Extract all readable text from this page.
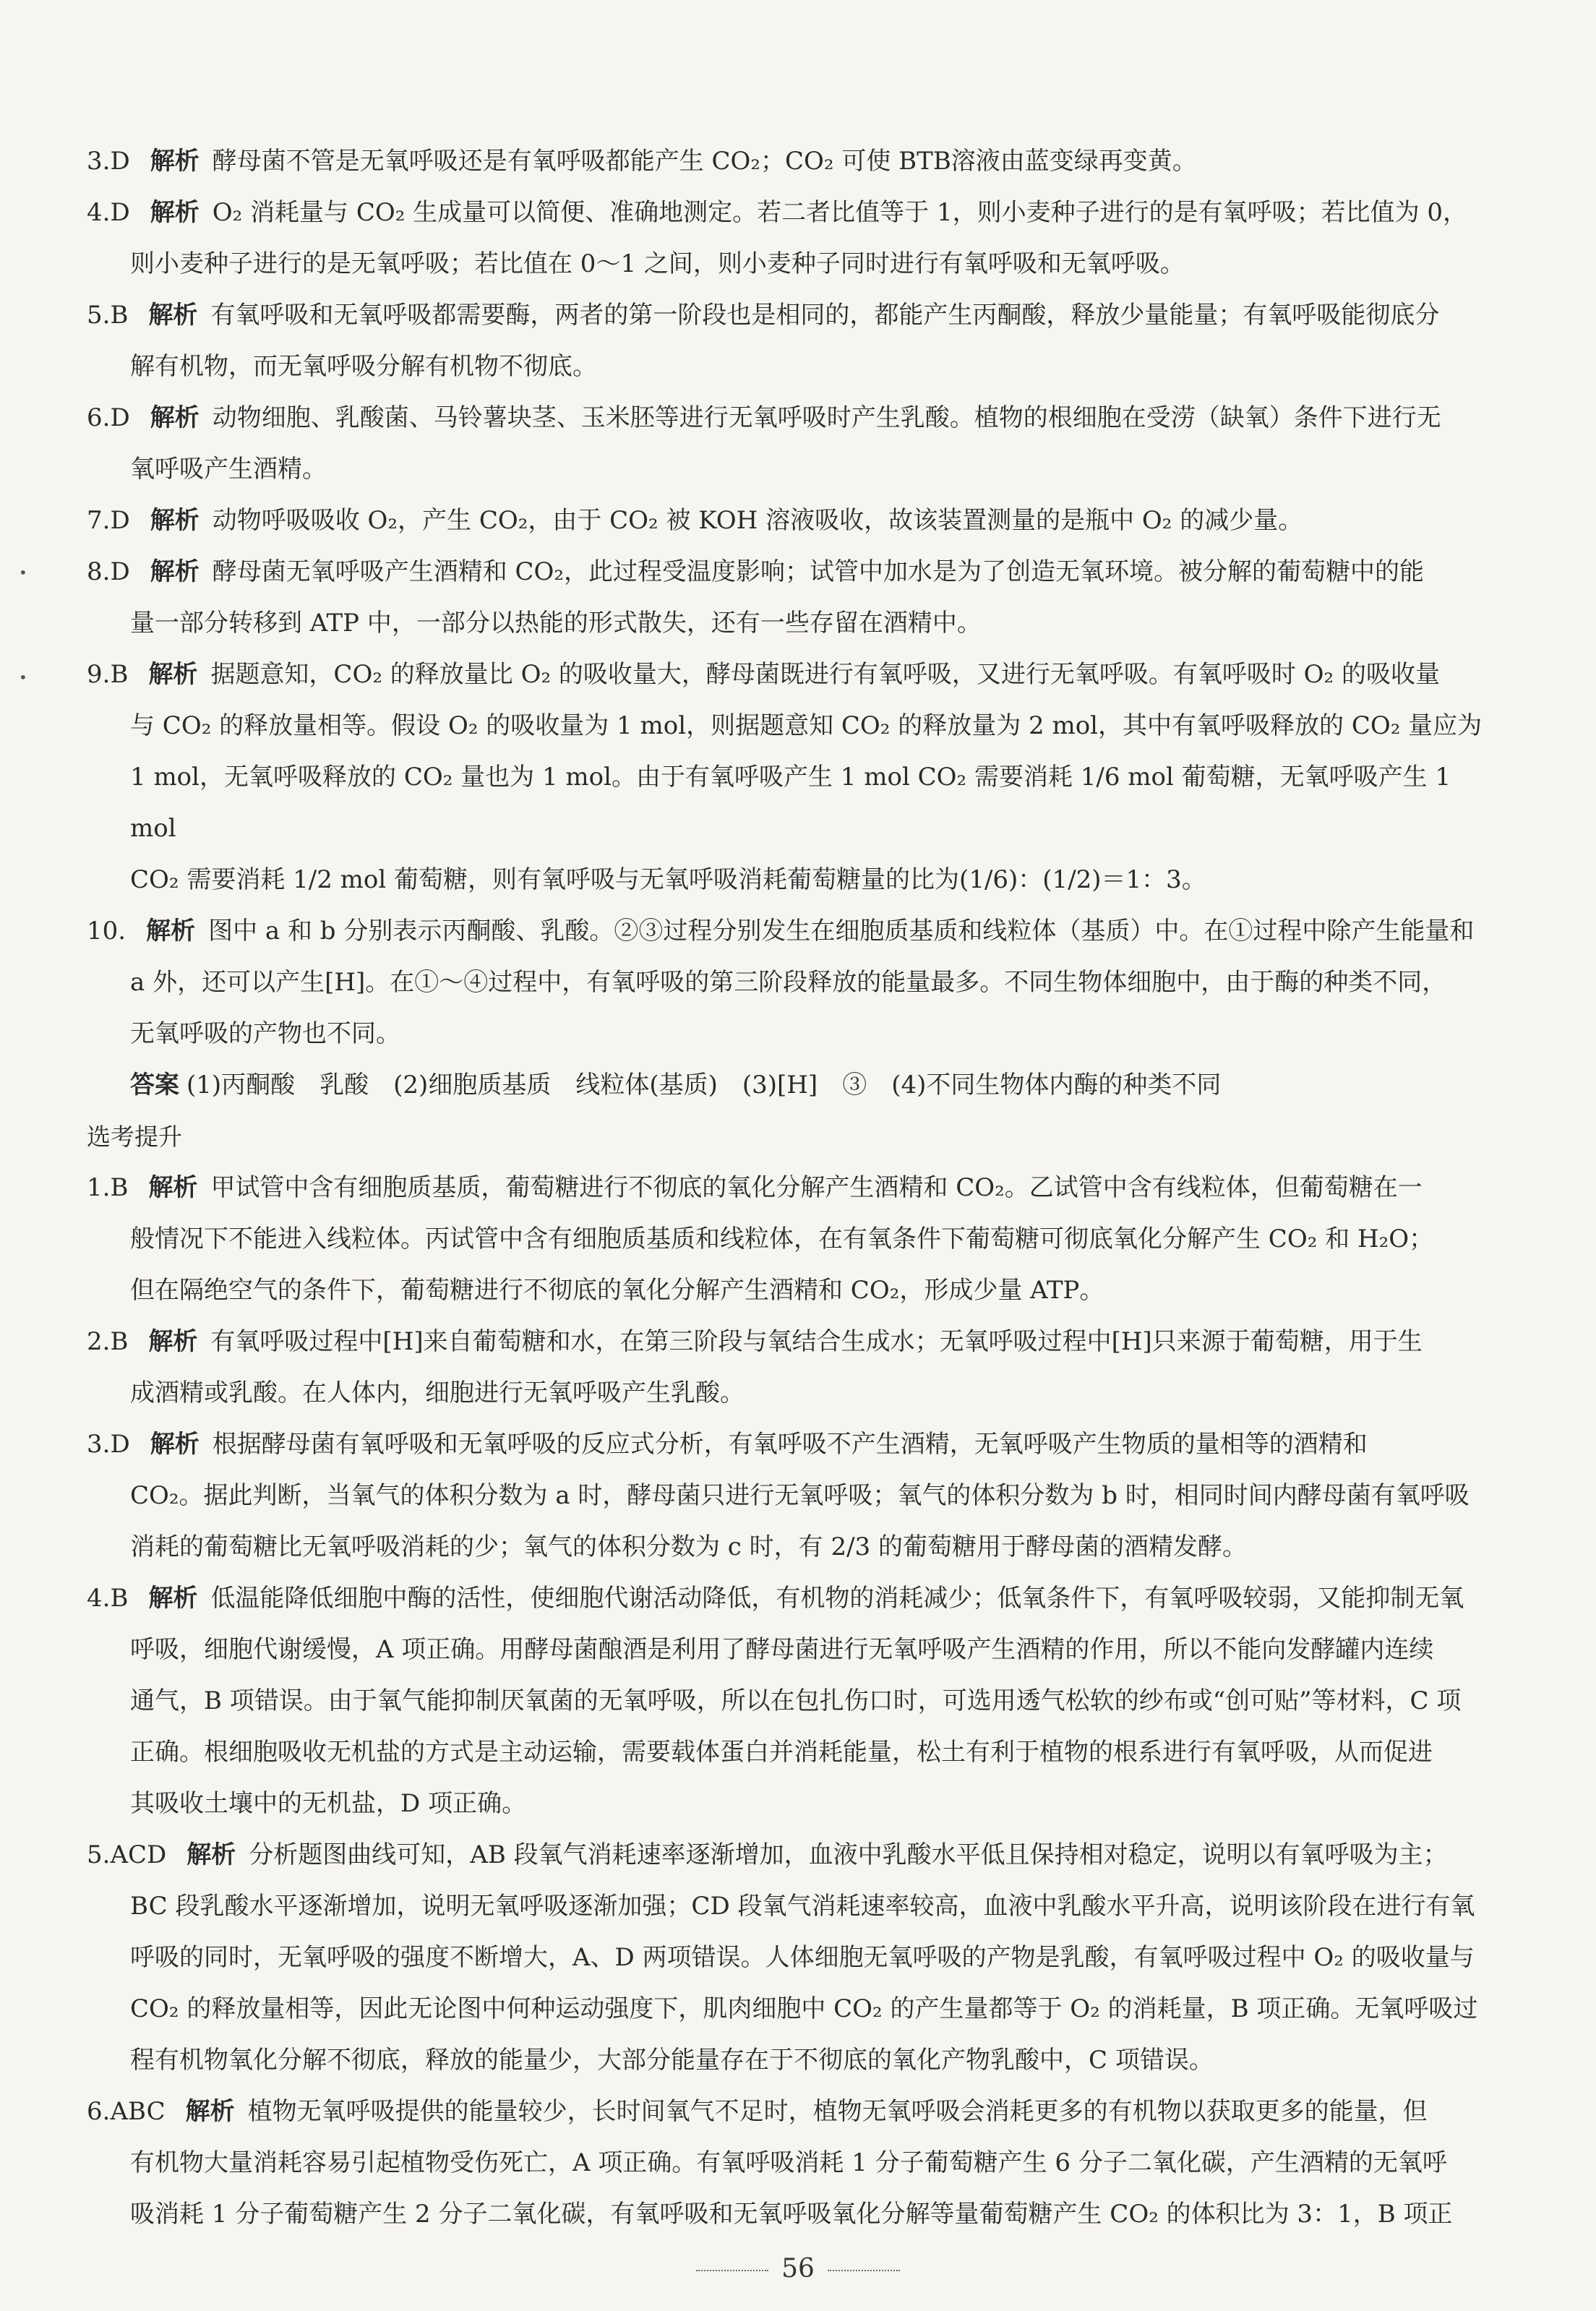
3.D 解析 酵母菌不管是无氧呼吸还是有氧呼吸都能产生 CO₂；CO₂ 可使 BTB溶液由蓝变绿再变黄。
4.D 解析 O₂ 消耗量与 CO₂ 生成量可以简便、准确地测定。若二者比值等于 1，则小麦种子进行的是有氧呼吸；若比值为 0，
则小麦种子进行的是无氧呼吸；若比值在 0～1 之间，则小麦种子同时进行有氧呼吸和无氧呼吸。
5.B 解析 有氧呼吸和无氧呼吸都需要酶，两者的第一阶段也是相同的，都能产生丙酮酸，释放少量能量；有氧呼吸能彻底分
解有机物，而无氧呼吸分解有机物不彻底。
6.D 解析 动物细胞、乳酸菌、马铃薯块茎、玉米胚等进行无氧呼吸时产生乳酸。植物的根细胞在受涝（缺氧）条件下进行无
氧呼吸产生酒精。
7.D 解析 动物呼吸吸收 O₂，产生 CO₂，由于 CO₂ 被 KOH 溶液吸收，故该装置测量的是瓶中 O₂ 的减少量。
8.D 解析 酵母菌无氧呼吸产生酒精和 CO₂，此过程受温度影响；试管中加水是为了创造无氧环境。被分解的葡萄糖中的能
量一部分转移到 ATP 中，一部分以热能的形式散失，还有一些存留在酒精中。
9.B 解析 据题意知，CO₂ 的释放量比 O₂ 的吸收量大，酵母菌既进行有氧呼吸，又进行无氧呼吸。有氧呼吸时 O₂ 的吸收量
与 CO₂ 的释放量相等。假设 O₂ 的吸收量为 1 mol，则据题意知 CO₂ 的释放量为 2 mol，其中有氧呼吸释放的 CO₂ 量应为
1 mol，无氧呼吸释放的 CO₂ 量也为 1 mol。由于有氧呼吸产生 1 mol CO₂ 需要消耗 1/6 mol 葡萄糖，无氧呼吸产生 1 mol
CO₂ 需要消耗 1/2 mol 葡萄糖，则有氧呼吸与无氧呼吸消耗葡萄糖量的比为(1/6)：(1/2)＝1：3。
10. 解析 图中 a 和 b 分别表示丙酮酸、乳酸。②③过程分别发生在细胞质基质和线粒体（基质）中。在①过程中除产生能量和
a 外，还可以产生[H]。在①～④过程中，有氧呼吸的第三阶段释放的能量最多。不同生物体细胞中，由于酶的种类不同，
无氧呼吸的产物也不同。
答案 (1)丙酮酸　乳酸　(2)细胞质基质　线粒体(基质)　(3)[H]　③　(4)不同生物体内酶的种类不同
选考提升
1.B 解析 甲试管中含有细胞质基质，葡萄糖进行不彻底的氧化分解产生酒精和 CO₂。乙试管中含有线粒体，但葡萄糖在一
般情况下不能进入线粒体。丙试管中含有细胞质基质和线粒体，在有氧条件下葡萄糖可彻底氧化分解产生 CO₂ 和 H₂O；
但在隔绝空气的条件下，葡萄糖进行不彻底的氧化分解产生酒精和 CO₂，形成少量 ATP。
2.B 解析 有氧呼吸过程中[H]来自葡萄糖和水，在第三阶段与氧结合生成水；无氧呼吸过程中[H]只来源于葡萄糖，用于生
成酒精或乳酸。在人体内，细胞进行无氧呼吸产生乳酸。
3.D 解析 根据酵母菌有氧呼吸和无氧呼吸的反应式分析，有氧呼吸不产生酒精，无氧呼吸产生物质的量相等的酒精和
CO₂。据此判断，当氧气的体积分数为 a 时，酵母菌只进行无氧呼吸；氧气的体积分数为 b 时，相同时间内酵母菌有氧呼吸
消耗的葡萄糖比无氧呼吸消耗的少；氧气的体积分数为 c 时，有 2/3 的葡萄糖用于酵母菌的酒精发酵。
4.B 解析 低温能降低细胞中酶的活性，使细胞代谢活动降低，有机物的消耗减少；低氧条件下，有氧呼吸较弱，又能抑制无氧
呼吸，细胞代谢缓慢，A 项正确。用酵母菌酿酒是利用了酵母菌进行无氧呼吸产生酒精的作用，所以不能向发酵罐内连续
通气，B 项错误。由于氧气能抑制厌氧菌的无氧呼吸，所以在包扎伤口时，可选用透气松软的纱布或“创可贴”等材料，C 项
正确。根细胞吸收无机盐的方式是主动运输，需要载体蛋白并消耗能量，松土有利于植物的根系进行有氧呼吸，从而促进
其吸收土壤中的无机盐，D 项正确。
5.ACD 解析 分析题图曲线可知，AB 段氧气消耗速率逐渐增加，血液中乳酸水平低且保持相对稳定，说明以有氧呼吸为主；
BC 段乳酸水平逐渐增加，说明无氧呼吸逐渐加强；CD 段氧气消耗速率较高，血液中乳酸水平升高，说明该阶段在进行有氧
呼吸的同时，无氧呼吸的强度不断增大，A、D 两项错误。人体细胞无氧呼吸的产物是乳酸，有氧呼吸过程中 O₂ 的吸收量与
CO₂ 的释放量相等，因此无论图中何种运动强度下，肌肉细胞中 CO₂ 的产生量都等于 O₂ 的消耗量，B 项正确。无氧呼吸过
程有机物氧化分解不彻底，释放的能量少，大部分能量存在于不彻底的氧化产物乳酸中，C 项错误。
6.ABC 解析 植物无氧呼吸提供的能量较少，长时间氧气不足时，植物无氧呼吸会消耗更多的有机物以获取更多的能量，但
有机物大量消耗容易引起植物受伤死亡，A 项正确。有氧呼吸消耗 1 分子葡萄糖产生 6 分子二氧化碳，产生酒精的无氧呼
吸消耗 1 分子葡萄糖产生 2 分子二氧化碳，有氧呼吸和无氧呼吸氧化分解等量葡萄糖产生 CO₂ 的体积比为 3：1，B 项正
56
•
•
